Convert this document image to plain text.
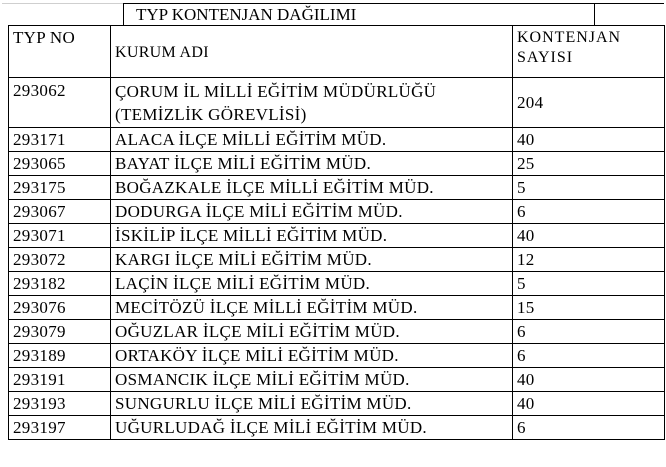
TYP KONTENJAN DAĞILIMI
TYP NO	KURUM ADI	KONTENJAN
SAYISI

293062	ÇORUM İL MİLLİ EĞİTİM MÜDÜRLÜĞÜ
(TEMİZLİK GÖREVLİSİ)	204
293171	ALACA İLÇE MİLLİ EĞİTİM MÜD.	40
293065	BAYAT İLÇE MİLİ EĞİTİM MÜD.	25
293175	BOĞAZKALE İLÇE MİLLİ EĞİTİM MÜD.	5
293067	DODURGA İLÇE MİLİ EĞİTİM MÜD.	6
293071	İSKİLİP İLÇE MİLLİ EĞİTİM MÜD.	40
293072	KARGI İLÇE MİLİ EĞİTİM MÜD.	12
293182	LAÇİN İLÇE MİLİ EĞİTİM MÜD.	5
293076	MECİTÖZÜ İLÇE MİLLİ EĞİTİM MÜD.	15
293079	OĞUZLAR İLÇE MİLİ EĞİTİM MÜD.	6
293189	ORTAKÖY İLÇE MİLİ EĞİTİM MÜD.	6
293191	OSMANCIK İLÇE MİLİ EĞİTİM MÜD.	40
293193	SUNGURLU İLÇE MİLİ EĞİTİM MÜD.	40
293197	UĞURLUDAĞ İLÇE MİLİ EĞİTİM MÜD.	6
